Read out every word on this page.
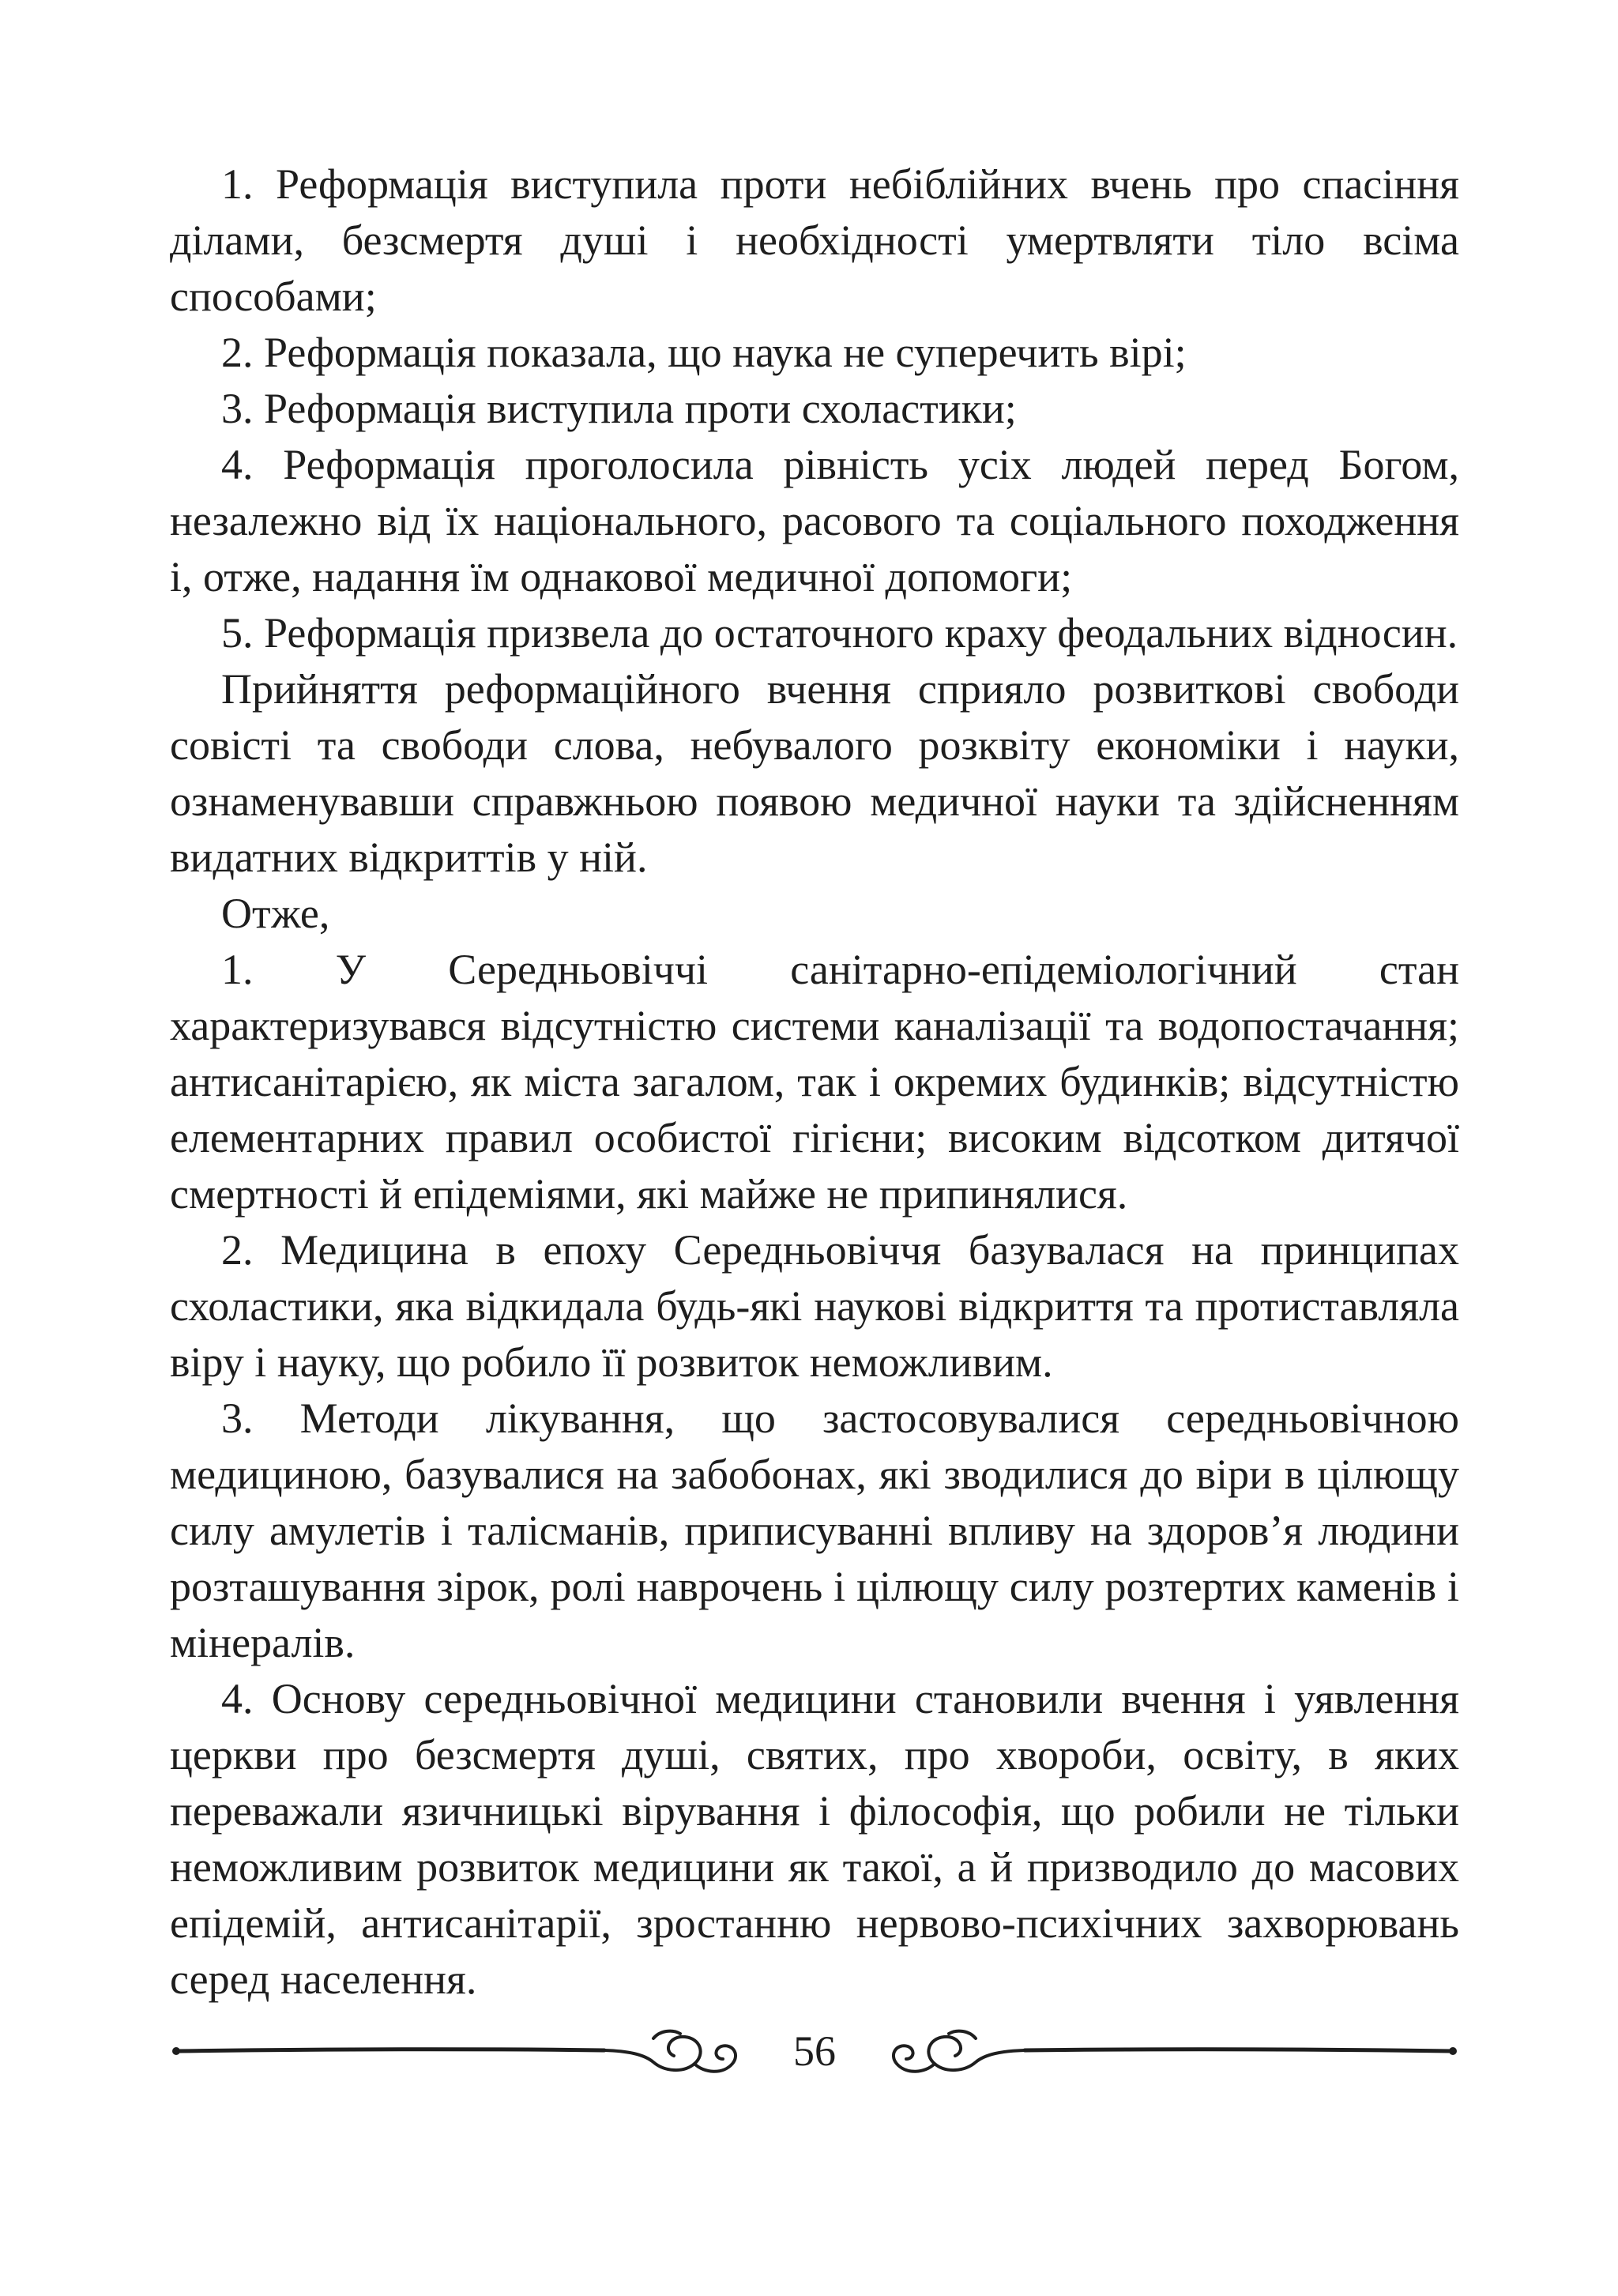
1. Реформація виступила проти небіблійних вчень про спасіння ділами, безсмертя душі і необхідності умертвляти тіло всіма способами;

2. Реформація показала, що наука не суперечить вірі;

3. Реформація виступила проти схоластики;

4. Реформація проголосила рівність усіх людей перед Богом, незалежно від їх національного, расового та соціального походження і, отже, надання їм однакової медичної допомоги;

5. Реформація призвела до остаточного краху феодальних відносин.

Прийняття реформаційного вчення сприяло розвиткові свободи совісті та свободи слова, небувалого розквіту економіки і науки, ознаменувавши справжньою появою медичної науки та здійсненням видатних відкриттів у ній.

Отже,

1. У Середньовіччі санітарно-епідеміологічний стан характеризувався відсутністю системи каналізації та водопостачання; антисанітарією, як міста загалом, так і окремих будинків; відсутністю елементарних правил особистої гігієни; високим відсотком дитячої смертності й епідеміями, які майже не припинялися.

2. Медицина в епоху Середньовіччя базувалася на принципах схоластики, яка відкидала будь-які наукові відкриття та протиставляла віру і науку, що робило її розвиток неможливим.

3. Методи лікування, що застосовувалися середньовічною медициною, базувалися на забобонах, які зводилися до віри в цілющу силу амулетів і талісманів, приписуванні впливу на здоров’я людини розташування зірок, ролі наврочень і цілющу силу розтертих каменів і мінералів.

4. Основу середньовічної медицини становили вчення і уявлення церкви про безсмертя душі, святих, про хвороби, освіту, в яких переважали язичницькі вірування і філософія, що робили не тільки неможливим розвиток медицини як такої, а й призводило до масових епідемій, антисанітарії, зростанню нервово-психічних захворювань серед населення.

56
